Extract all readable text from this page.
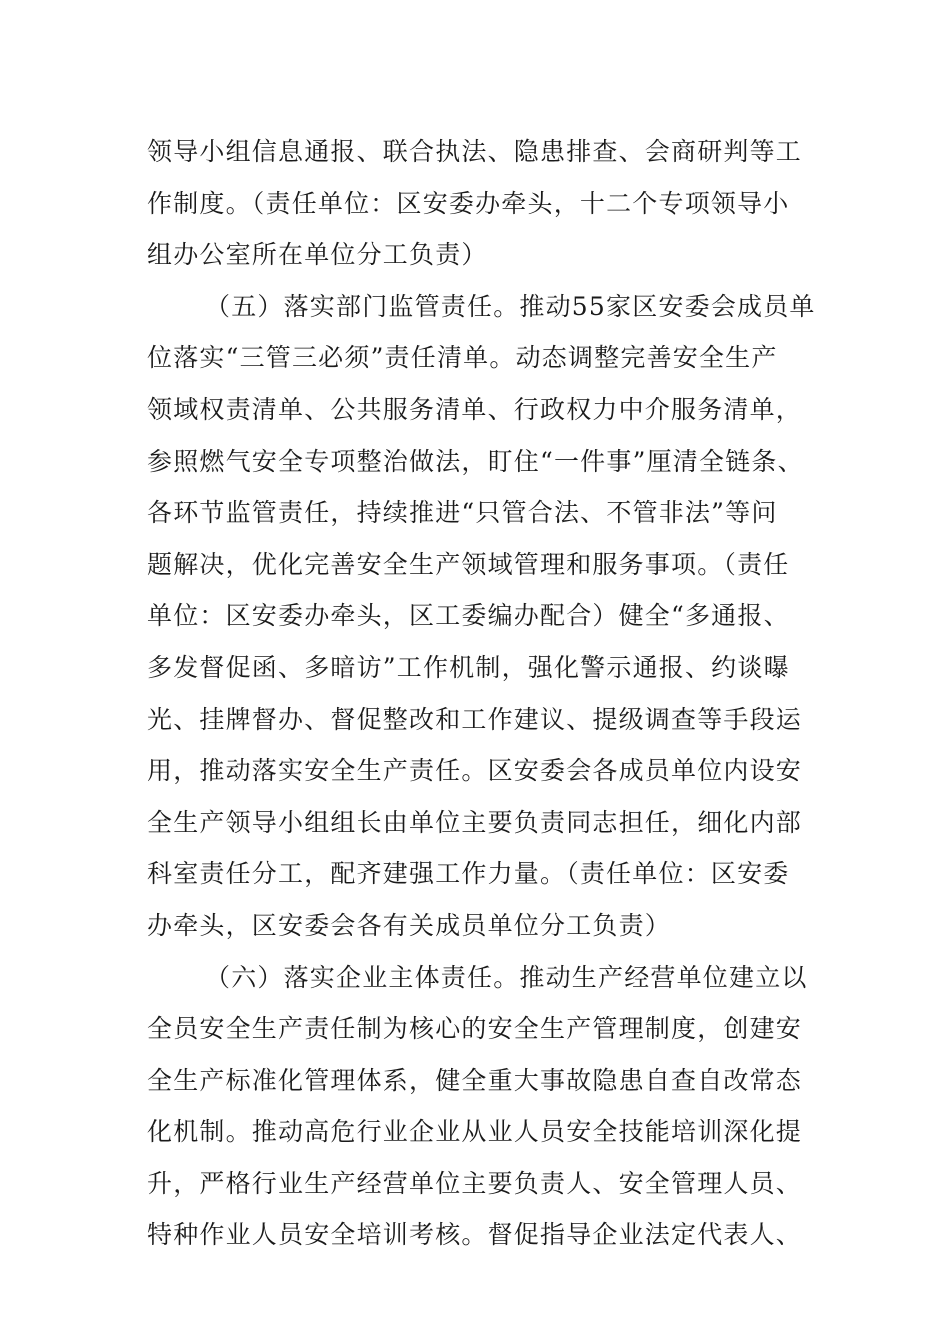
领导小组信息通报、联合执法、隐患排查、会商研判等工
作制度。（责任单位：区安委办牵头，十二个专项领导小
组办公室所在单位分工负责）
（五）落实部门监管责任。推动55家区安委会成员单
位落实“三管三必须”责任清单。动态调整完善安全生产
领域权责清单、公共服务清单、行政权力中介服务清单，
参照燃气安全专项整治做法，盯住“一件事”厘清全链条、
各环节监管责任，持续推进“只管合法、不管非法”等问
题解决，优化完善安全生产领域管理和服务事项。（责任
单位：区安委办牵头，区工委编办配合）健全“多通报、
多发督促函、多暗访”工作机制，强化警示通报、约谈曝
光、挂牌督办、督促整改和工作建议、提级调查等手段运
用，推动落实安全生产责任。区安委会各成员单位内设安
全生产领导小组组长由单位主要负责同志担任，细化内部
科室责任分工，配齐建强工作力量。（责任单位：区安委
办牵头，区安委会各有关成员单位分工负责）
（六）落实企业主体责任。推动生产经营单位建立以
全员安全生产责任制为核心的安全生产管理制度，创建安
全生产标准化管理体系，健全重大事故隐患自查自改常态
化机制。推动高危行业企业从业人员安全技能培训深化提
升，严格行业生产经营单位主要负责人、安全管理人员、
特种作业人员安全培训考核。督促指导企业法定代表人、
